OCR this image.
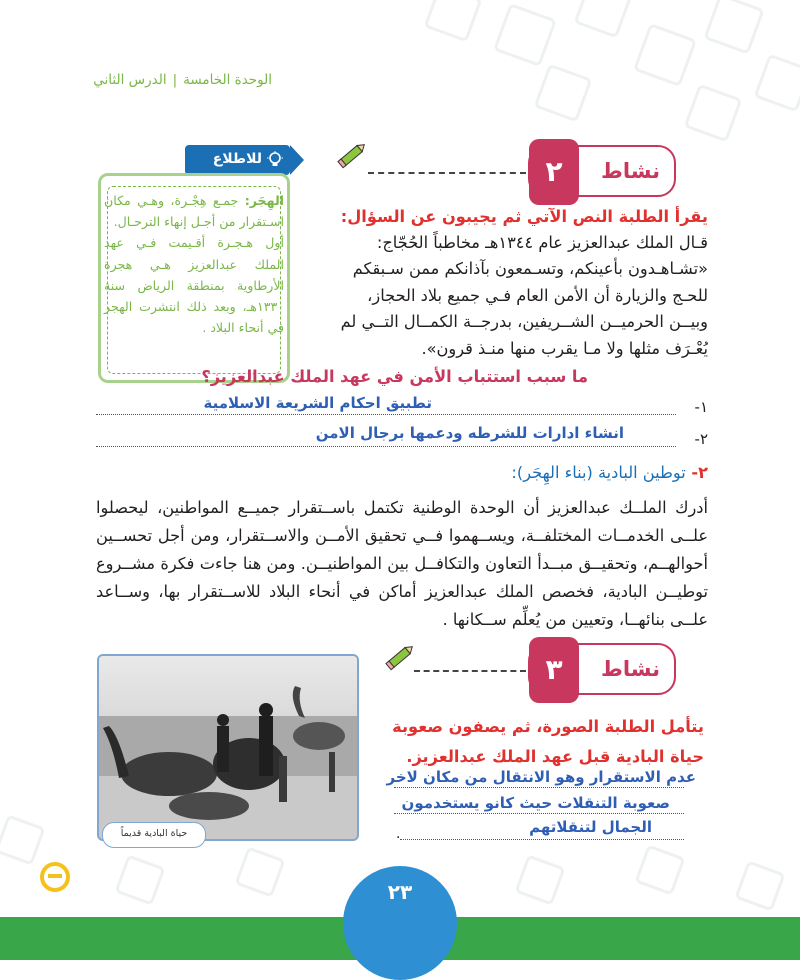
الوحدة الخامسة|الدرس الثاني
نشاط
٢
للاطلاع
الهِجَر: جمـع هِجْـرة، وهـي مكان اسـتقرار من أجـل إنهاء الترحـال.
أول هـجـرة أقـيمت فـي عهد الملك عبدالعزيز هـي هجرة الأرطاوية بمنطقة الرياض سنة ١٣٣٠هـ، وبعد ذلك انتشرت الهجر في أنحاء البلاد .
يقرأ الطلبة النص الآتي ثم يجيبون عن السؤال:
قـال الملك عبدالعزيز عام ١٣٤٤هـ مخاطباً الحُجّاج:
«تشـاهـدون بأعينكم، وتسـمعون بآذانكم ممن سـبقكم
للحـج والزيارة أن الأمن العام فـي جميع بلاد الحجاز،
وبيــن الحرميــن الشــريفين، بدرجــة الكمــال التــي لم
يُعْـرَف مثلها ولا مـا يقرب منها منـذ قرون».
ما سبب استتباب الأمن في عهد الملك عبدالعزيز؟
١-
تطبيق احكام الشريعة الاسلامية
٢-
انشاء ادارات للشرطه ودعمها برجال الامن
٢- توطين البادية (بناء الهِجَر):
أدرك الملــك عبدالعزيز أن الوحدة الوطنية تكتمل باســتقرار جميــع المواطنين، ليحصلوا
علــى الخدمــات المختلفــة، ويســهموا فــي تحقيق الأمــن والاســتقرار، ومن أجل تحســين
أحوالهــم، وتحقيــق مبــدأ التعاون والتكافــل بين المواطنيــن. ومن هنا جاءت فكرة مشــروع
توطيــن البادية، فخصص الملك عبدالعزيز أماكن في أنحاء البلاد للاســتقرار بها، وســاعد
علــى بنائهــا، وتعيين من يُعلِّم ســكانها .
نشاط
٣
حياة البادية قديماً
يتأمل الطلبة الصورة، ثم يصفون صعوبة
حياة البادية قبل عهد الملك عبدالعزيز.
عدم الاستقرار وهو الانتقال من مكان لاخر
صعوبة التنقلات حيث كانو يستخدمون
الجمال لتنقلاتهم
.
٢٣
